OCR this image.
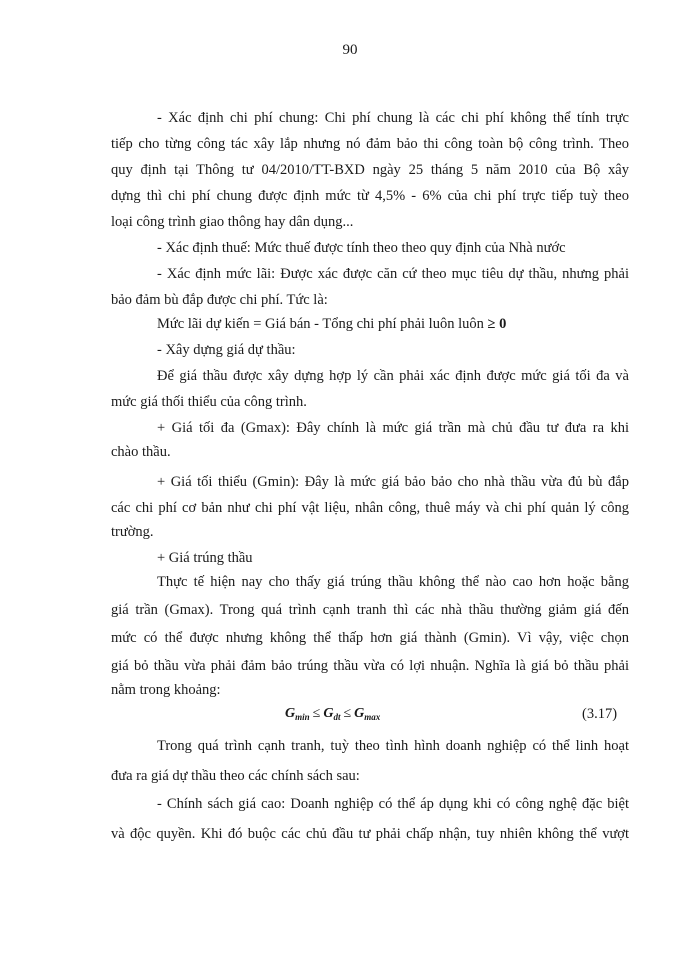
90
- Xác định chi phí chung: Chi phí chung là các chi phí không thể tính trực
tiếp cho từng công tác xây lắp nhưng nó đảm bảo thi công toàn bộ công trình. Theo
quy định tại Thông tư 04/2010/TT-BXD ngày 25 tháng 5 năm 2010 của Bộ xây
dựng thì chi phí chung được định mức từ 4,5% - 6% của chi phí trực tiếp tuỳ theo
loại công trình giao thông hay dân dụng...
- Xác định thuế: Mức thuế được tính theo theo quy định của Nhà nước
- Xác định mức lãi: Được xác được căn cứ theo mục tiêu dự thầu, nhưng phải
bảo đảm bù đắp được chi phí. Tức là:
Mức lãi dự kiến = Giá bán - Tổng chi phí phải luôn luôn ≥ 0
- Xây dựng giá dự thầu:
Để giá thầu được xây dựng hợp lý cần phải xác định được mức giá tối đa và
mức giá thối thiểu của công trình.
+ Giá tối đa (Gmax): Đây chính là mức giá trần mà chủ đầu tư đưa ra khi
chào thầu.
+ Giá tối thiểu (Gmin): Đây là mức giá bảo bảo cho nhà thầu vừa đủ bù đắp
các chi phí cơ bản như chi phí vật liệu, nhân công, thuê máy và chi phí quản lý công
trường.
+ Giá trúng thầu
Thực tế hiện nay cho thấy giá trúng thầu không thể nào cao hơn hoặc bằng
giá trần (Gmax). Trong quá trình cạnh tranh thì các nhà thầu thường giảm giá đến
mức có thể được nhưng không thể thấp hơn giá thành (Gmin). Vì vậy, việc chọn
giá bỏ thầu vừa phải đảm bảo trúng thầu vừa có lợi nhuận. Nghĩa là giá bỏ thầu phải
nằm trong khoảng:
$G_{min} \le G_{dt} \le G_{max}$	(3.17)
Trong quá trình cạnh tranh, tuỳ theo tình hình doanh nghiệp có thể linh hoạt
đưa ra giá dự thầu theo các chính sách sau:
- Chính sách giá cao: Doanh nghiệp có thể áp dụng khi có công nghệ đặc biệt
và độc quyền. Khi đó buộc các chủ đầu tư phải chấp nhận, tuy nhiên không thể vượt
